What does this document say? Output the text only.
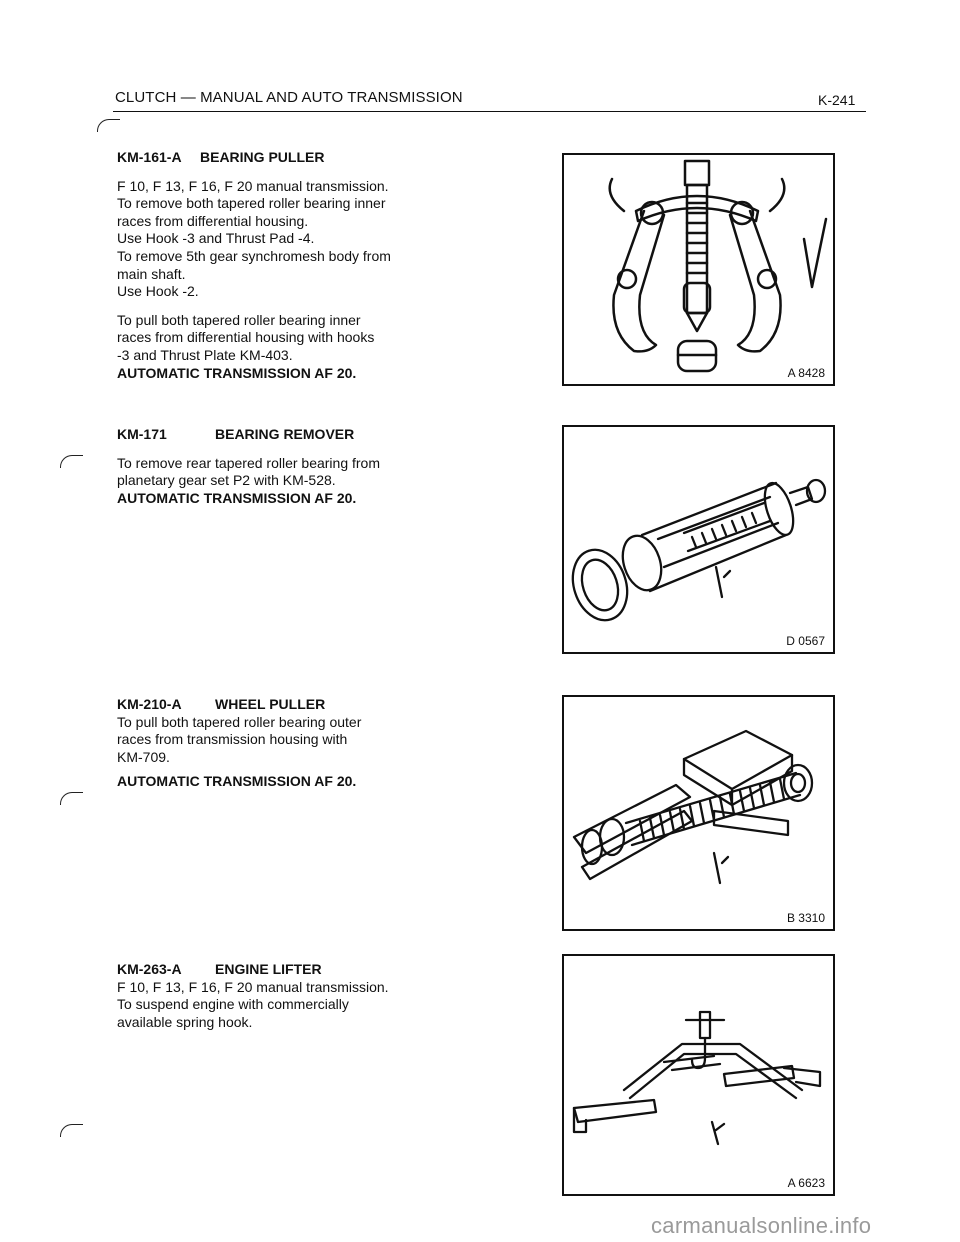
CLUTCH — MANUAL AND AUTO TRANSMISSION	K-241
KM-161-A BEARING PULLER
F 10, F 13, F 16, F 20 manual transmission.
To remove both tapered roller bearing inner
races from differential housing.
Use Hook -3 and Thrust Pad -4.
To remove 5th gear synchromesh body from
main shaft.
Use Hook -2.
To pull both tapered roller bearing inner
races from differential housing with hooks
-3 and Thrust Plate KM-403.
AUTOMATIC TRANSMISSION AF 20.	A 8428
KM-171	BEARING REMOVER
To remove rear tapered roller bearing from
planetary gear set P2 with KM-528.
AUTOMATIC TRANSMISSION AF 20.
D 0567
KM-210-A WHEEL PULLER
To pull both tapered roller bearing outer
races from transmission housing with
KM-709.
AUTOMATIC TRANSMISSION AF 20.
B 3310
KM-263-A ENGINE LIFTER
F 10, F 13, F 16, F 20 manual transmission.
To suspend engine with commercially
available spring hook.
A 6623
carmanualsonline.info
